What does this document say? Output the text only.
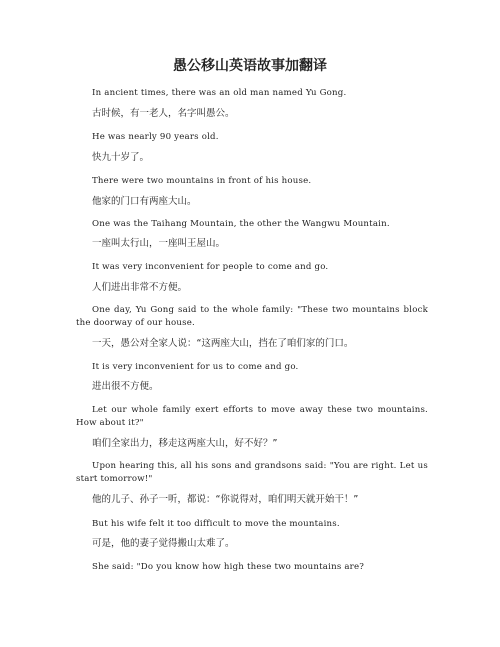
愚公移山英语故事加翻译

In ancient times, there was an old man named Yu Gong.

古时候，有一老人，名字叫愚公。

He was nearly 90 years old.

快九十岁了。

There were two mountains in front of his house.

他家的门口有两座大山。

One was the Taihang Mountain, the other the Wangwu Mountain.

一座叫太行山，一座叫王屋山。

It was very inconvenient for people to come and go.

人们进出非常不方便。

One day, Yu Gong said to the whole family: "These two mountains block the doorway of our house.

一天，愚公对全家人说：“这两座大山，挡在了咱们家的门口。

It is very inconvenient for us to come and go.

进出很不方便。

Let our whole family exert efforts to move away these two mountains. How about it?"

咱们全家出力，移走这两座大山，好不好？”

Upon hearing this, all his sons and grandsons said: "You are right. Let us start tomorrow!"

他的儿子、孙子一听，都说：“你说得对，咱们明天就开始干！”

But his wife felt it too difficult to move the mountains.

可是，他的妻子觉得搬山太难了。

She said: "Do you know how high these two mountains are?
